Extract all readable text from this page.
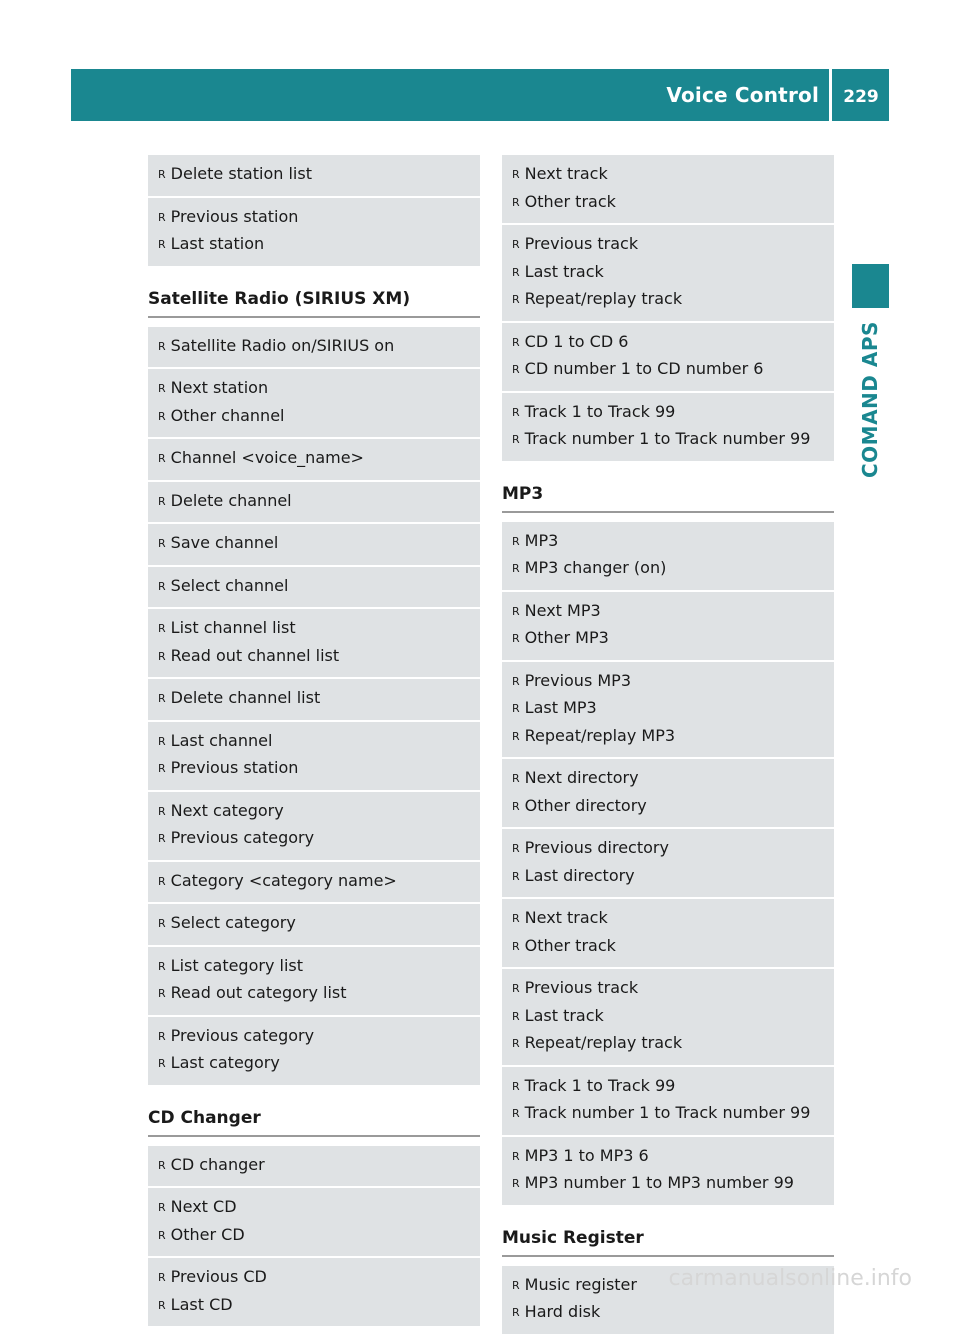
Voice Control	229
COMAND APS
R Delete station list
R Previous station
R Last station
Satellite Radio (SIRIUS XM)
R Satellite Radio on/SIRIUS on
R Next station
R Other channel
R Channel <voice_name>
R Delete channel
R Save channel
R Select channel
R List channel list
R Read out channel list
R Delete channel list
R Last channel
R Previous station
R Next category
R Previous category
R Category <category name>
R Select category
R List category list
R Read out category list
R Previous category
R Last category
CD Changer
R CD changer
R Next CD
R Other CD
R Previous CD
R Last CD
R Next track
R Other track
R Previous track
R Last track
R Repeat/replay track
R CD 1 to CD 6
R CD number 1 to CD number 6
R Track 1 to Track 99
R Track number 1 to Track number 99
MP3
R MP3
R MP3 changer (on)
R Next MP3
R Other MP3
R Previous MP3
R Last MP3
R Repeat/replay MP3
R Next directory
R Other directory
R Previous directory
R Last directory
R Next track
R Other track
R Previous track
R Last track
R Repeat/replay track
R Track 1 to Track 99
R Track number 1 to Track number 99
R MP3 1 to MP3 6
R MP3 number 1 to MP3 number 99
Music Register
R Music register
R Hard disk
carmanualsonline.info
